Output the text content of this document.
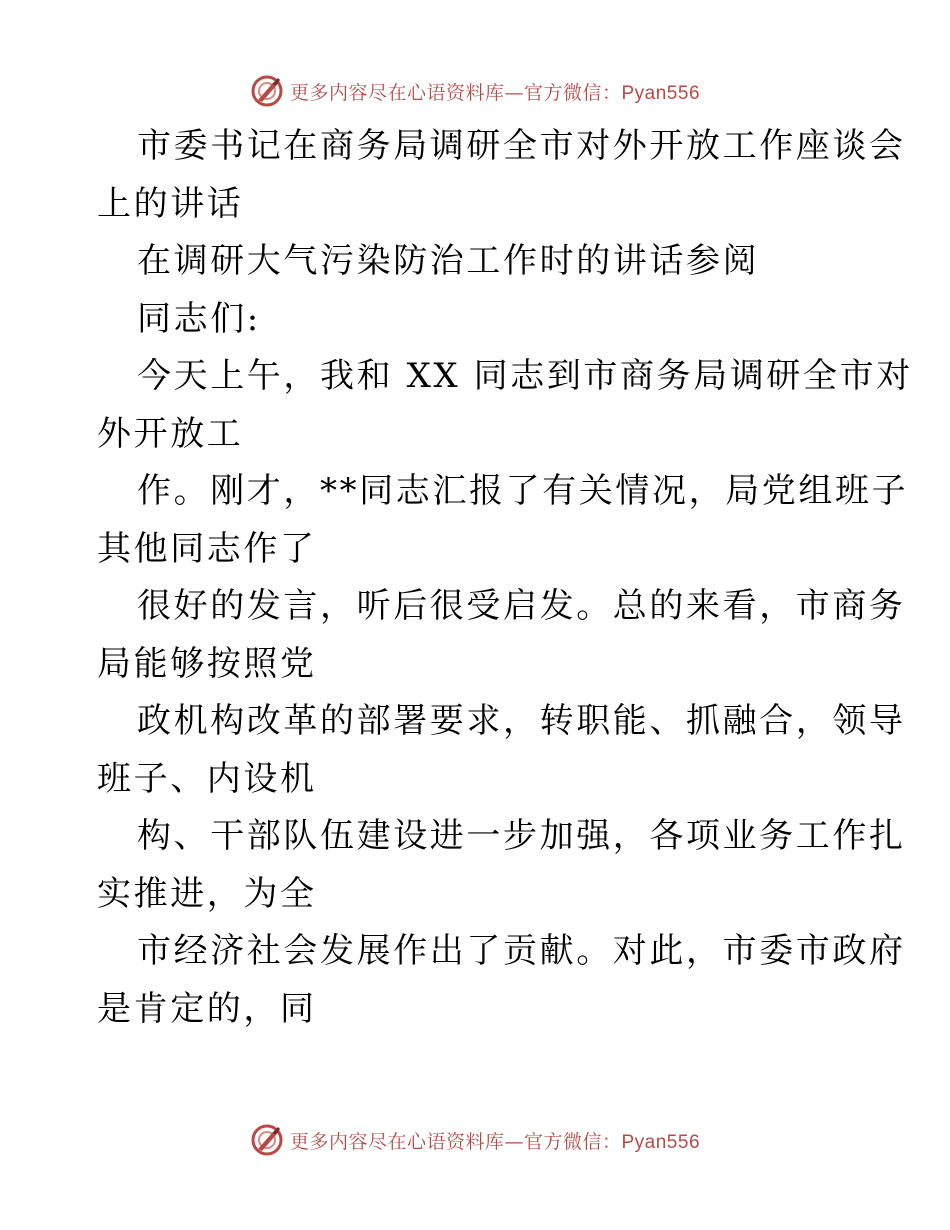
更多内容尽在心语资料库—官方微信：Pyan556
市委书记在商务局调研全市对外开放工作座谈会
上的讲话
在调研大气污染防治工作时的讲话参阅
同志们:
今天上午，我和 XX 同志到市商务局调研全市对
外开放工
作。刚才，**同志汇报了有关情况，局党组班子
其他同志作了
很好的发言，听后很受启发。总的来看，市商务
局能够按照党
政机构改革的部署要求，转职能、抓融合，领导
班子、内设机
构、干部队伍建设进一步加强，各项业务工作扎
实推进，为全
市经济社会发展作出了贡献。对此，市委市政府
是肯定的，同
更多内容尽在心语资料库—官方微信：Pyan556
